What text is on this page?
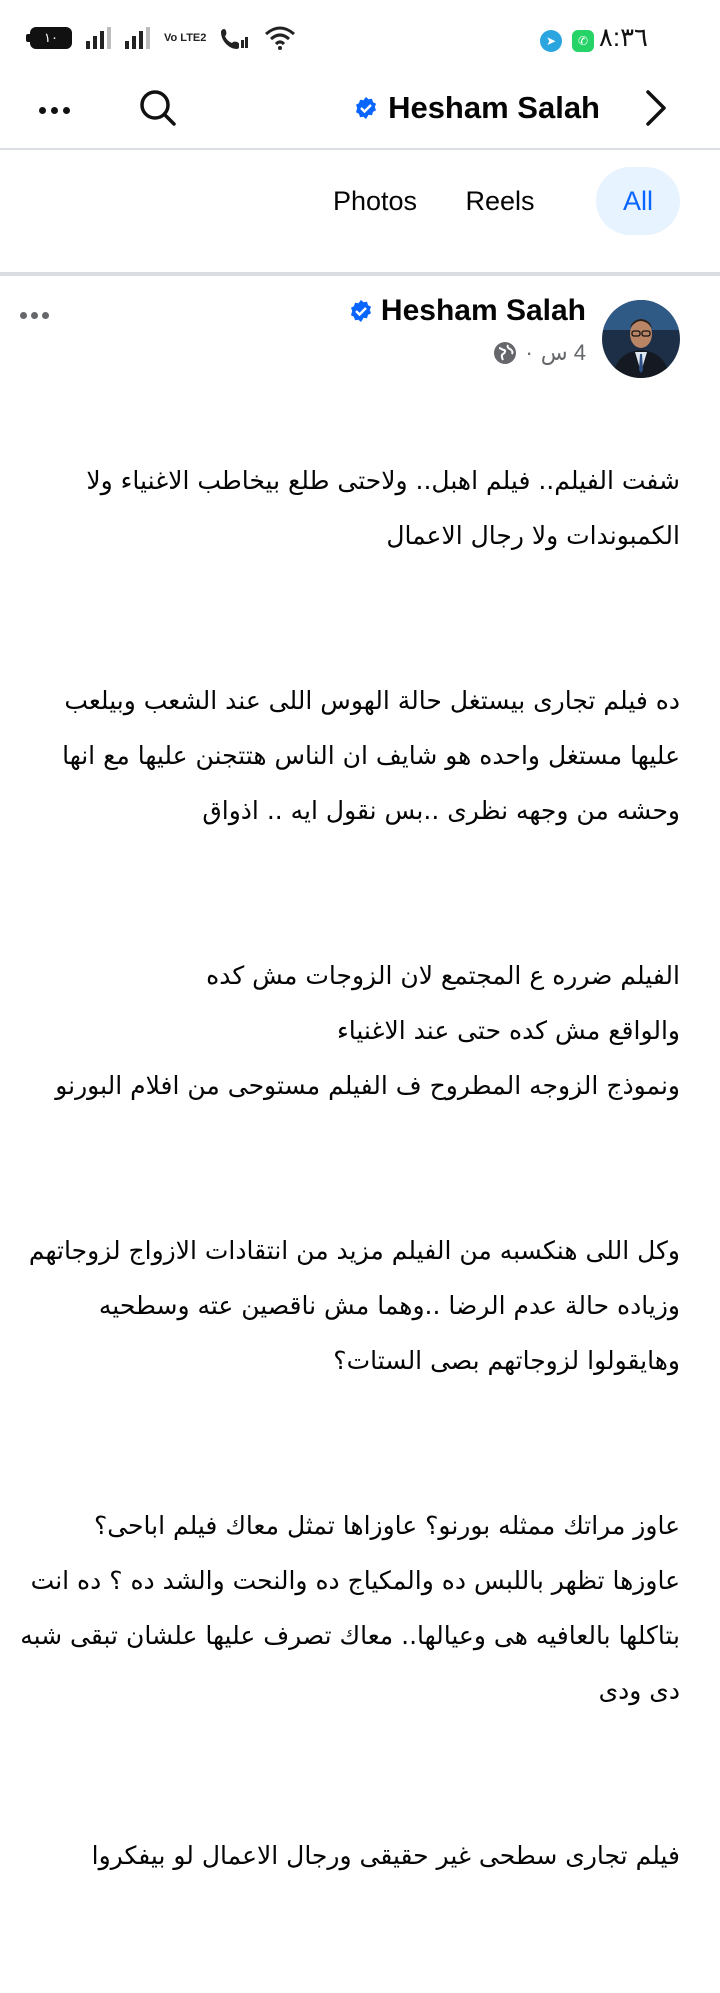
١٠	Vo LTE2	➤	✆ ٨:٣٦
Hesham Salah
Photos	Reels	All
Hesham Salah
· 4 س

شفت الفيلم.. فيلم اهبل.. ولاحتى طلع بيخاطب الاغنياء ولا الكمبوندات ولا رجال الاعمال

ده فيلم تجارى بيستغل حالة الهوس اللى عند الشعب وبيلعب عليها مستغل واحده هو شايف ان الناس هتتجنن عليها مع انها وحشه من وجهه نظرى ..بس نقول ايه .. اذواق

الفيلم ضرره ع المجتمع لان الزوجات مش كده
والواقع مش كده حتى عند الاغنياء
ونموذج الزوجه المطروح ف الفيلم مستوحى من افلام البورنو

وكل اللى هنكسبه من الفيلم مزيد من انتقادات الازواج لزوجاتهم وزياده حالة عدم الرضا ..وهما مش ناقصين عته وسطحيه وهايقولوا لزوجاتهم بصى الستات؟

عاوز مراتك ممثله بورنو؟ عاوزاها تمثل معاك فيلم اباحى؟ عاوزها تظهر باللبس ده والمكياج ده والنحت والشد ده ؟ ده انت بتاكلها بالعافيه هى وعيالها.. معاك تصرف عليها علشان تبقى شبه دى ودى

فيلم تجارى سطحى غير حقيقى ورجال الاعمال لو بيفكروا
